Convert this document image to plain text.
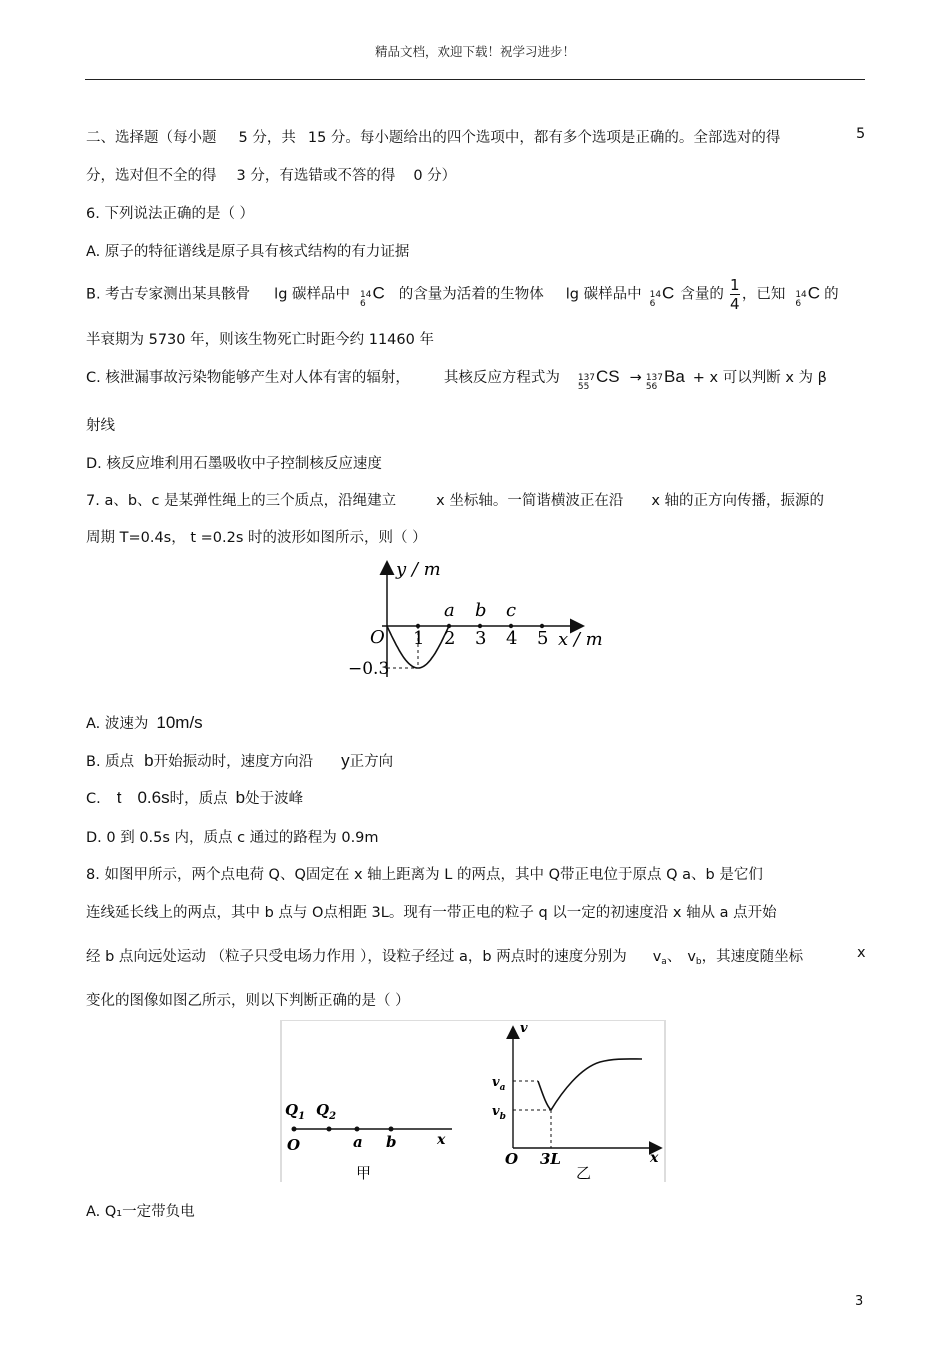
精品文档，欢迎下载！祝学习进步！
二、选择题（每小题 5 分，共 15 分。每小题给出的四个选项中，都有多个选项是正确的。全部选对的得	5
分，选对但不全的得 3 分，有选错或不答的得 0 分）
6. 下列说法正确的是（ ）
A. 原子的特征谱线是原子具有核式结构的有力证据
B. 考古专家测出某具骸骨 lg 碳样品中 14
6
C 的含量为活着的生物体 lg 碳样品中 14
6
C 含量的 $\frac{1}{4}$ ，已知 14
6
C 的
半衰期为 5730 年，则该生物死亡时距今约 11460 年
C. 核泄漏事故污染物能够产生对人体有害的辐射， 其核反应方程式为 137
55
CS → 137
56
Ba + x 可以判断 x 为 β
射线
D. 核反应堆利用石墨吸收中子控制核反应速度
7. a、b、c 是某弹性绳上的三个质点，沿绳建立	x 坐标轴。一简谐横波正在沿 x 轴的正方向传播，振源的
周期 T=0.4s， t =0.2s 时的波形如图所示，则（ ）
y / m
x / m
O
−0.3
1 2 3 4 5
a b c
A. 波速为 10m/s
B. 质点 b开始振动时，速度方向沿 y正方向
C. t 0.6s时，质点 b处于波峰
D. 0 到 0.5s 内，质点 c 通过的路程为 0.9m
8. 如图甲所示，两个点电荷 Q、Q固定在 x 轴上距离为 L 的两点，其中 Q带正电位于原点 Q a、b 是它们
连线延长线上的两点，其中 b 点与 O点相距 3L。现有一带正电的粒子 q 以一定的初速度沿 x 轴从 a 点开始
经 b 点向远处运动 （粒子只受电场力作用 ），设粒子经过 a，b 两点时的速度分别为 $v_a$、 $v_b$，其速度随坐标	x
变化的图像如图乙所示，则以下判断正确的是（ ）
$Q_1$ $Q_2$
O	a b	x
甲
v
$v_a$
$v_b$
O 3L	x
乙
A. Q₁一定带负电
3
